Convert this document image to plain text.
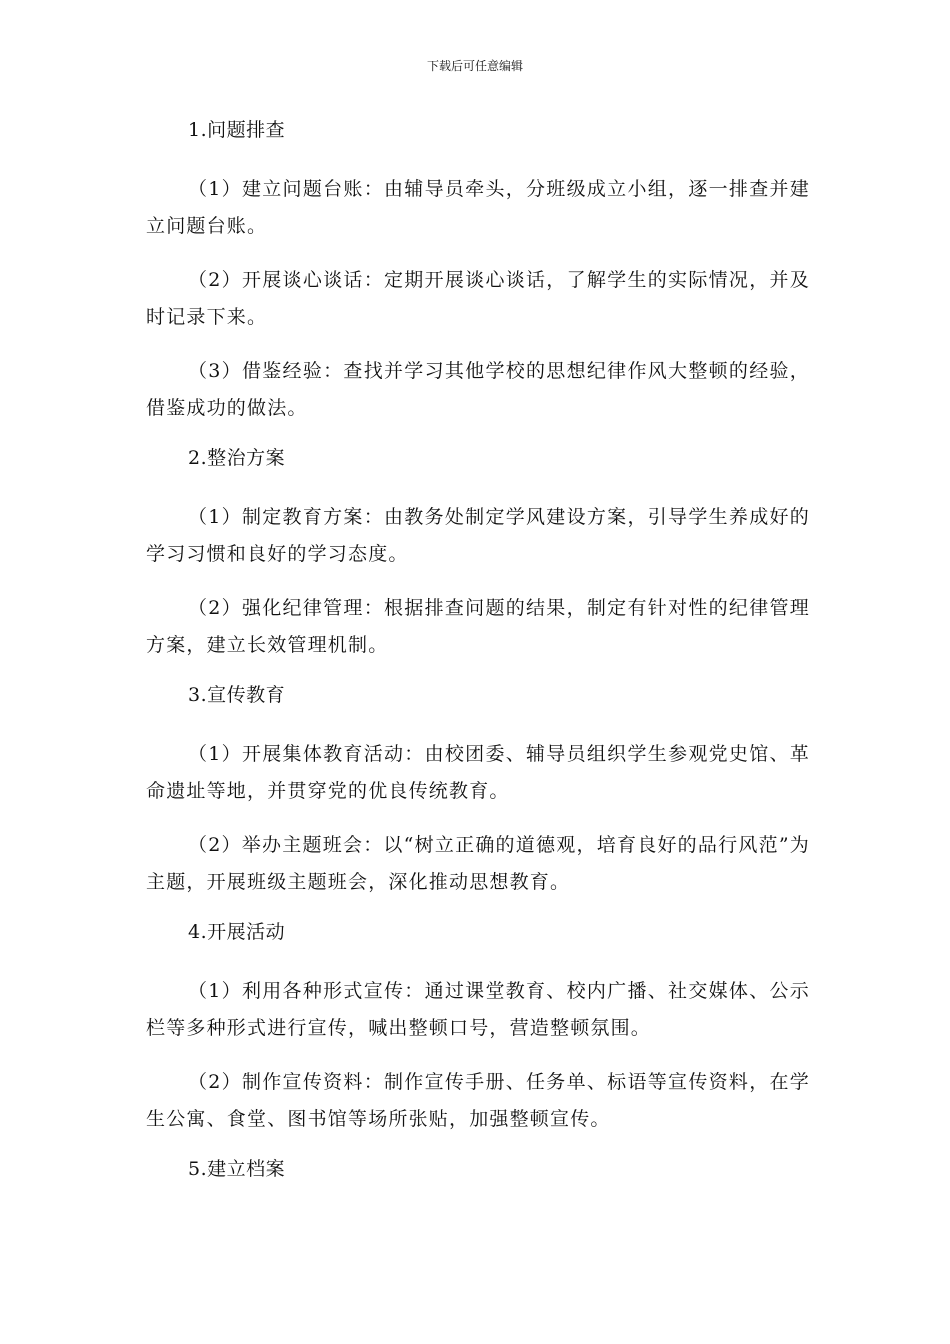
下载后可任意编辑

1.问题排查

（1）建立问题台账：由辅导员牵头，分班级成立小组，逐一排查并建立问题台账。

（2）开展谈心谈话：定期开展谈心谈话，了解学生的实际情况，并及时记录下来。

（3）借鉴经验：查找并学习其他学校的思想纪律作风大整顿的经验，借鉴成功的做法。

2.整治方案

（1）制定教育方案：由教务处制定学风建设方案，引导学生养成好的学习习惯和良好的学习态度。

（2）强化纪律管理：根据排查问题的结果，制定有针对性的纪律管理方案，建立长效管理机制。

3.宣传教育

（1）开展集体教育活动：由校团委、辅导员组织学生参观党史馆、革命遗址等地，并贯穿党的优良传统教育。

（2）举办主题班会：以“树立正确的道德观，培育良好的品行风范”为主题，开展班级主题班会，深化推动思想教育。

4.开展活动

（1）利用各种形式宣传：通过课堂教育、校内广播、社交媒体、公示栏等多种形式进行宣传，喊出整顿口号，营造整顿氛围。

（2）制作宣传资料：制作宣传手册、任务单、标语等宣传资料，在学生公寓、食堂、图书馆等场所张贴，加强整顿宣传。

5.建立档案
